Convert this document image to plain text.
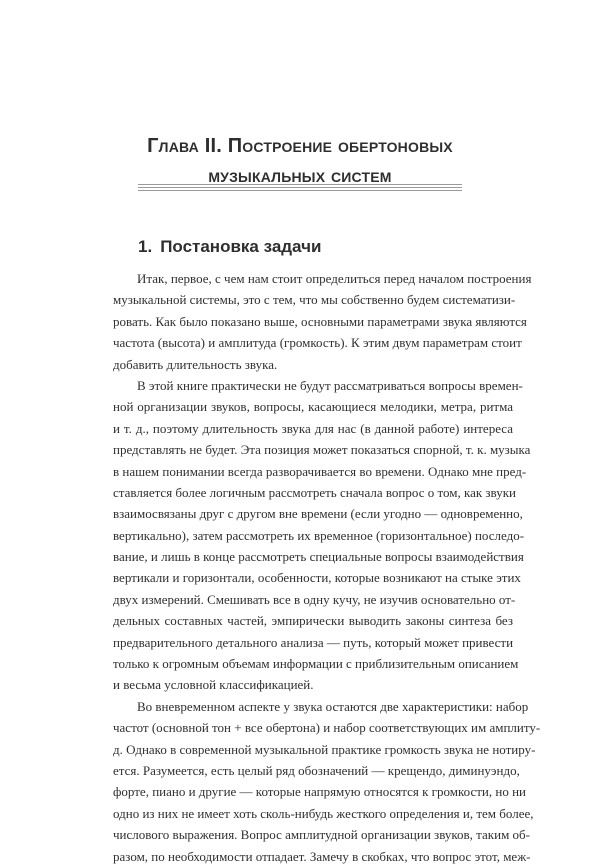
Глава II. Построение обертоновых
музыкальных систем
1. Постановка задачи
Итак, первое, с чем нам стоит определиться перед началом построения
музыкальной системы, это с тем, что мы собственно будем систематизи-
ровать. Как было показано выше, основными параметрами звука являются
частота (высота) и амплитуда (громкость). К этим двум параметрам стоит
добавить длительность звука.
В этой книге практически не будут рассматриваться вопросы времен-
ной организации звуков, вопросы, касающиеся мелодики, метра, ритма
и т. д., поэтому длительность звука для нас (в данной работе) интереса
представлять не будет. Эта позиция может показаться спорной, т. к. музыка
в нашем понимании всегда разворачивается во времени. Однако мне пред-
ставляется более логичным рассмотреть сначала вопрос о том, как звуки
взаимосвязаны друг с другом вне времени (если угодно — одновременно,
вертикально), затем рассмотреть их временное (горизонтальное) последо-
вание, и лишь в конце рассмотреть специальные вопросы взаимодействия
вертикали и горизонтали, особенности, которые возникают на стыке этих
двух измерений. Смешивать все в одну кучу, не изучив основательно от-
дельных составных частей, эмпирически выводить законы синтеза без
предварительного детального анализа — путь, который может привести
только к огромным объемам информации с приблизительным описанием
и весьма условной классификацией.
Во вневременном аспекте у звука остаются две характеристики: набор
частот (основной тон + все обертона) и набор соответствующих им амплиту-
д. Однако в современной музыкальной практике громкость звука не нотиру-
ется. Разумеется, есть целый ряд обозначений — крещендо, диминуэндо,
форте, пиано и другие — которые напрямую относятся к громкости, но ни
одно из них не имеет хоть сколь-нибудь жесткого определения и, тем более,
числового выражения. Вопрос амплитудной организации звуков, таким об-
разом, по необходимости отпадает. Замечу в скобках, что вопрос этот, меж-
